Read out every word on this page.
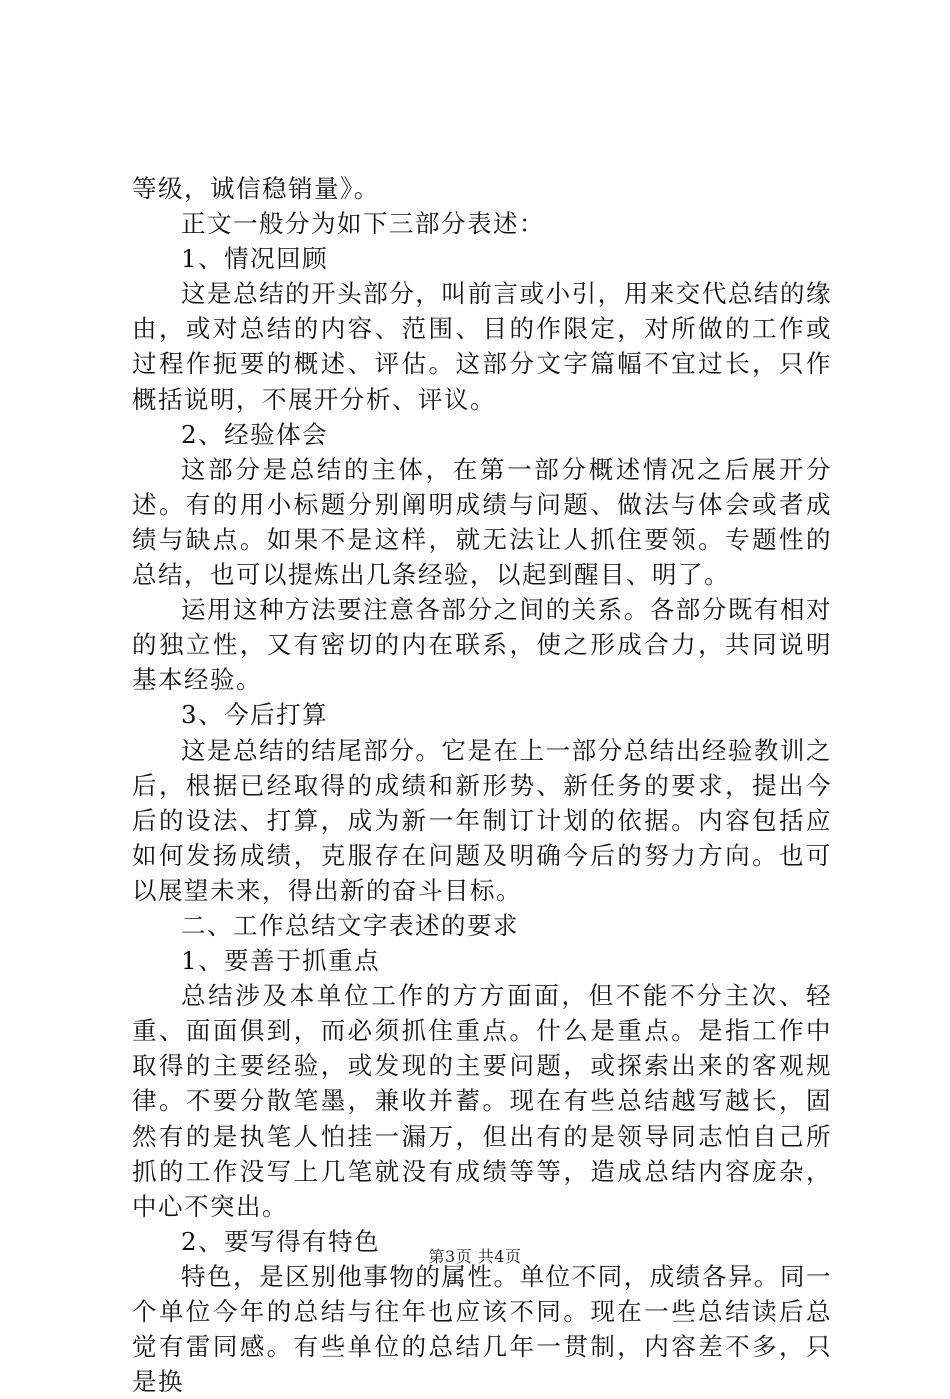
等级，诚信稳销量》。

正文一般分为如下三部分表述：

1、情况回顾

这是总结的开头部分，叫前言或小引，用来交代总结的缘由，或对总结的内容、范围、目的作限定，对所做的工作或过程作扼要的概述、评估。这部分文字篇幅不宜过长，只作概括说明，不展开分析、评议。

2、经验体会

这部分是总结的主体，在第一部分概述情况之后展开分述。有的用小标题分别阐明成绩与问题、做法与体会或者成绩与缺点。如果不是这样，就无法让人抓住要领。专题性的总结，也可以提炼出几条经验，以起到醒目、明了。

运用这种方法要注意各部分之间的关系。各部分既有相对的独立性，又有密切的内在联系，使之形成合力，共同说明基本经验。

3、今后打算

这是总结的结尾部分。它是在上一部分总结出经验教训之后，根据已经取得的成绩和新形势、新任务的要求，提出今后的设法、打算，成为新一年制订计划的依据。内容包括应如何发扬成绩，克服存在问题及明确今后的努力方向。也可以展望未来，得出新的奋斗目标。

二、工作总结文字表述的要求

1、要善于抓重点

总结涉及本单位工作的方方面面，但不能不分主次、轻重、面面俱到，而必须抓住重点。什么是重点。是指工作中取得的主要经验，或发现的主要问题，或探索出来的客观规律。不要分散笔墨，兼收并蓄。现在有些总结越写越长，固然有的是执笔人怕挂一漏万，但出有的是领导同志怕自己所抓的工作没写上几笔就没有成绩等等，造成总结内容庞杂，中心不突出。

2、要写得有特色

特色，是区别他事物的属性。单位不同，成绩各异。同一个单位今年的总结与往年也应该不同。现在一些总结读后总觉有雷同感。有些单位的总结几年一贯制，内容差不多，只是换

第3页 共4页
